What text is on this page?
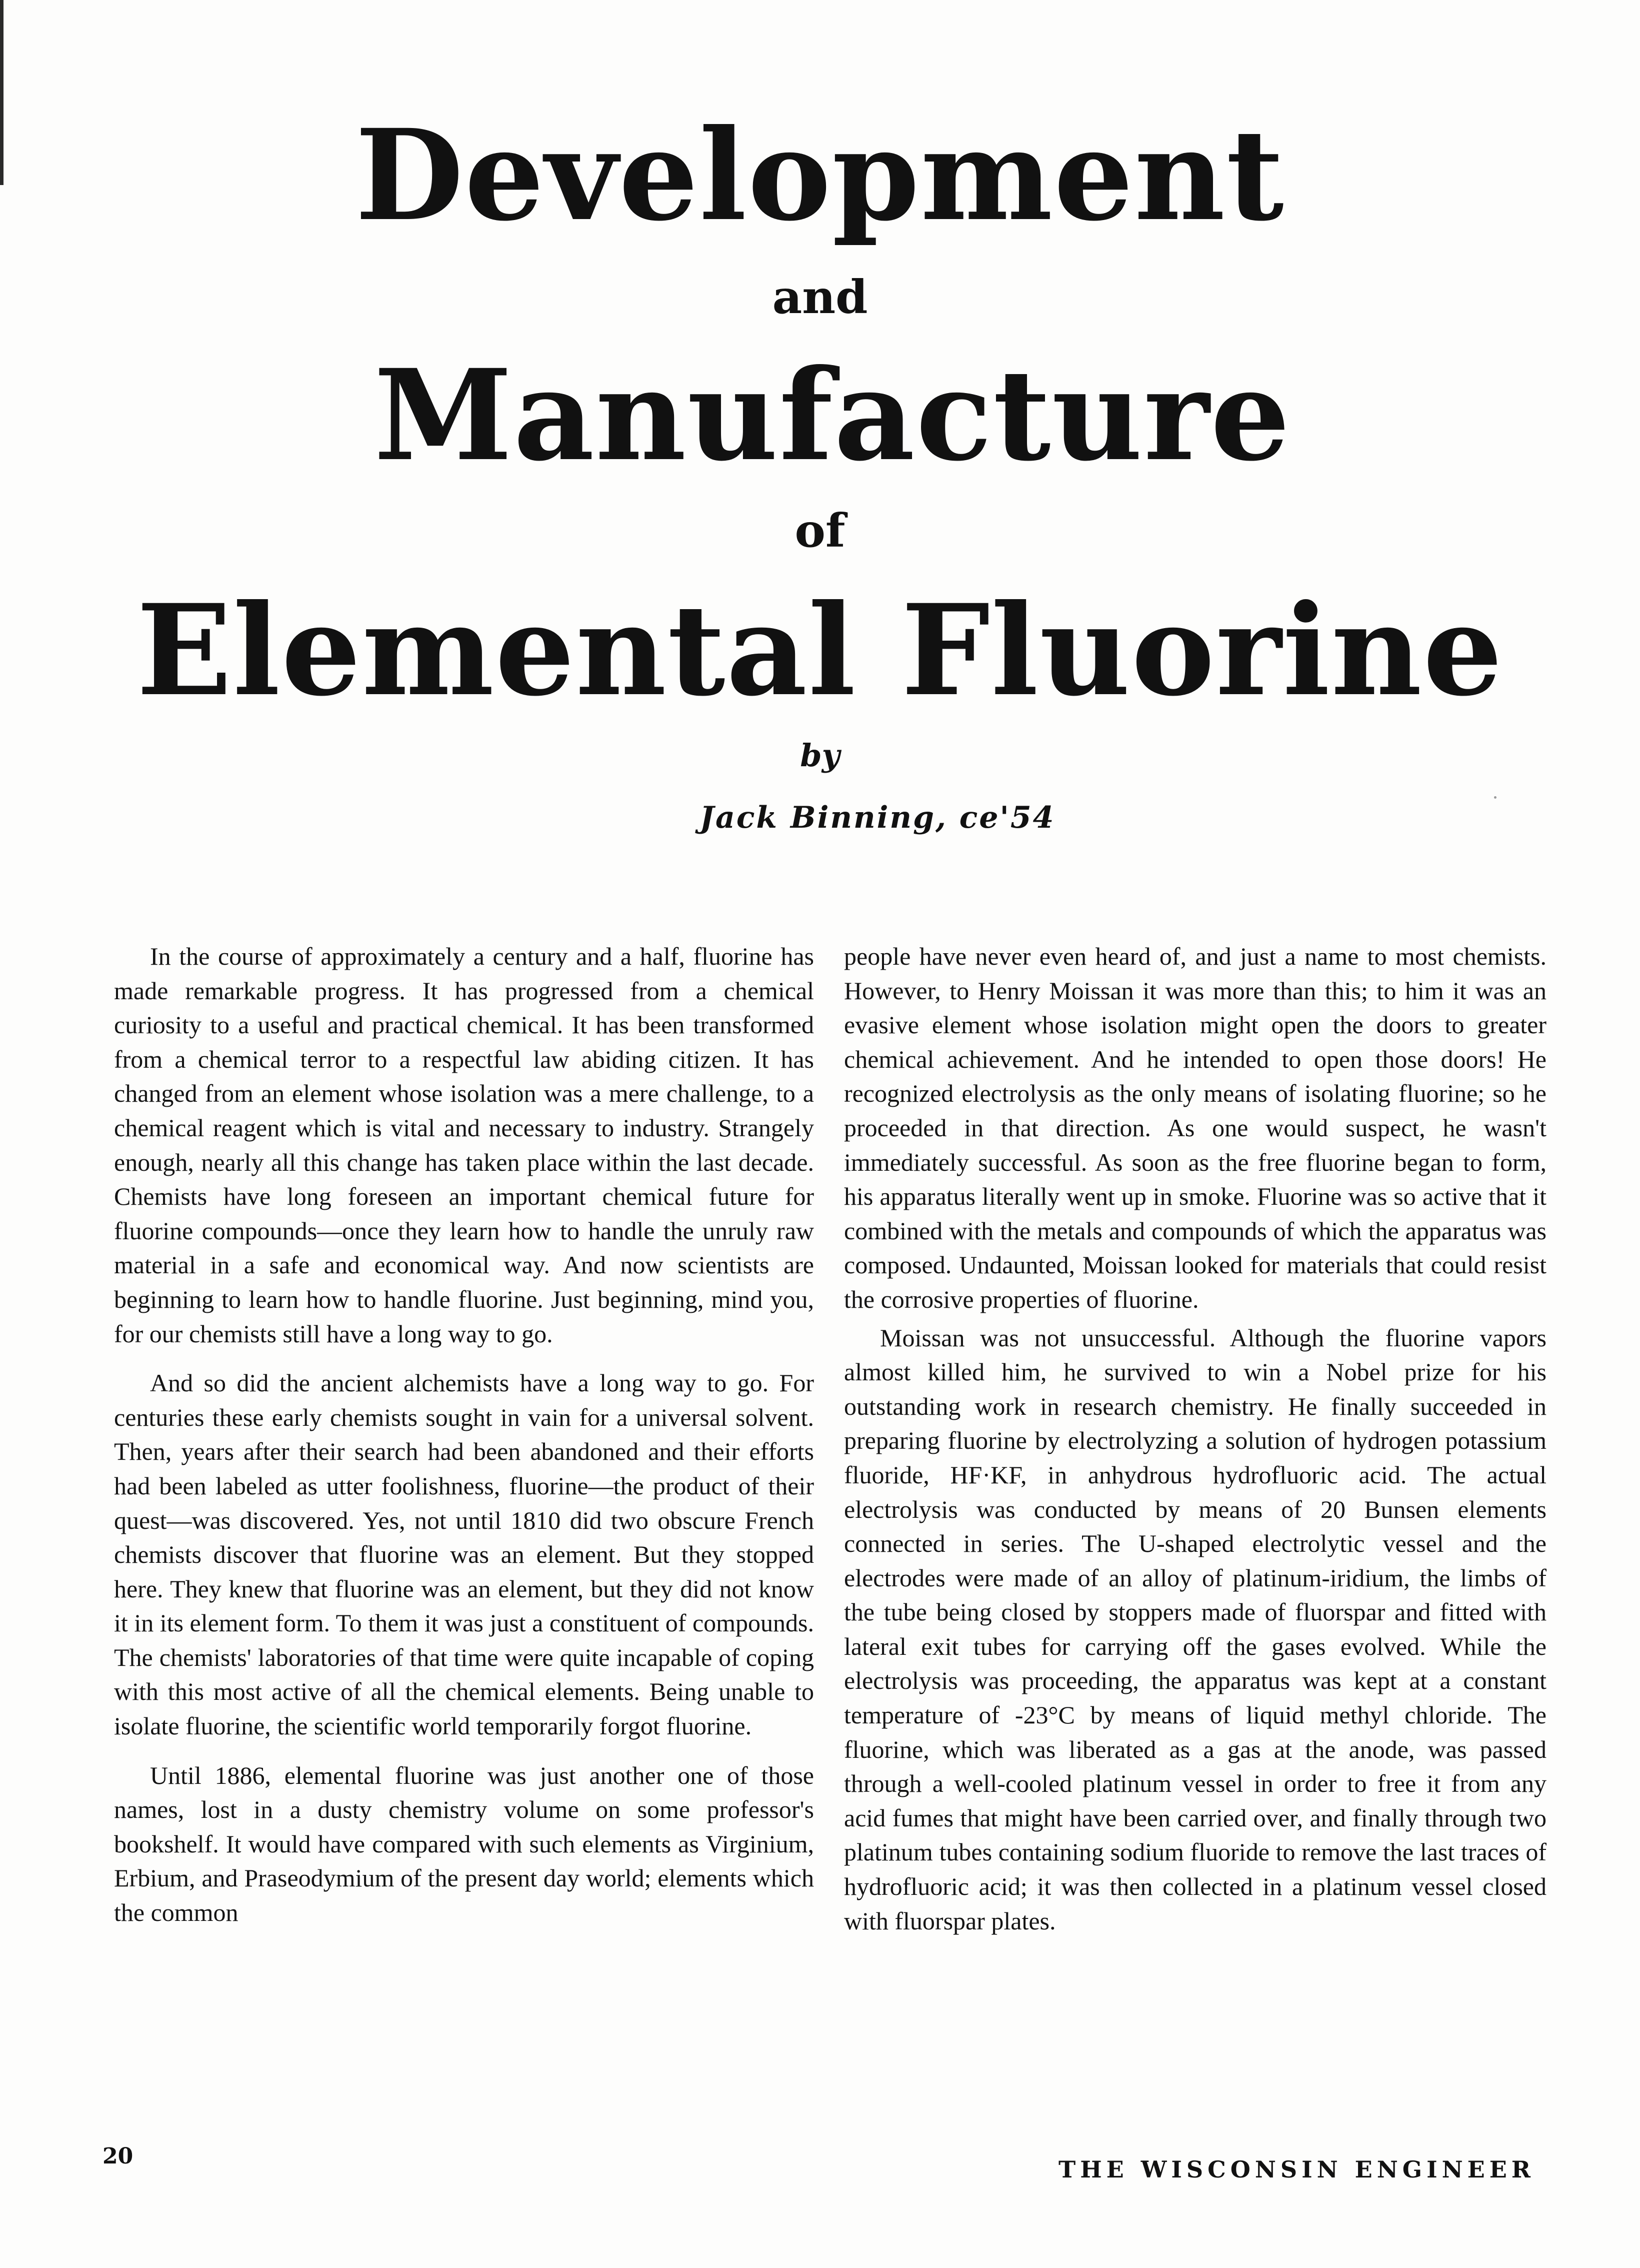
Development
and
Manufacture
of
Elemental Fluorine
by
Jack Binning, ce'54

In the course of approximately a century and a half, fluorine has made remarkable progress. It has progressed from a chemical curiosity to a useful and practical chemical. It has been transformed from a chemical terror to a respectful law abiding citizen. It has changed from an element whose isolation was a mere challenge, to a chemical reagent which is vital and necessary to industry. Strangely enough, nearly all this change has taken place within the last decade. Chemists have long foreseen an important chemical future for fluorine compounds—once they learn how to handle the unruly raw material in a safe and economical way. And now scientists are beginning to learn how to handle fluorine. Just beginning, mind you, for our chemists still have a long way to go.

And so did the ancient alchemists have a long way to go. For centuries these early chemists sought in vain for a universal solvent. Then, years after their search had been abandoned and their efforts had been labeled as utter foolishness, fluorine—the product of their quest—was discovered. Yes, not until 1810 did two obscure French chemists discover that fluorine was an element. But they stopped here. They knew that fluorine was an element, but they did not know it in its element form. To them it was just a constituent of compounds. The chemists' laboratories of that time were quite incapable of coping with this most active of all the chemical elements. Being unable to isolate fluorine, the scientific world temporarily forgot fluorine.

Until 1886, elemental fluorine was just another one of those names, lost in a dusty chemistry volume on some professor's bookshelf. It would have compared with such elements as Virginium, Erbium, and Praseodymium of the present day world; elements which the common

people have never even heard of, and just a name to most chemists. However, to Henry Moissan it was more than this; to him it was an evasive element whose isolation might open the doors to greater chemical achievement. And he intended to open those doors! He recognized electrolysis as the only means of isolating fluorine; so he proceeded in that direction. As one would suspect, he wasn't immediately successful. As soon as the free fluorine began to form, his apparatus literally went up in smoke. Fluorine was so active that it combined with the metals and compounds of which the apparatus was composed. Undaunted, Moissan looked for materials that could resist the corrosive properties of fluorine.

Moissan was not unsuccessful. Although the fluorine vapors almost killed him, he survived to win a Nobel prize for his outstanding work in research chemistry. He finally succeeded in preparing fluorine by electrolyzing a solution of hydrogen potassium fluoride, HF·KF, in anhydrous hydrofluoric acid. The actual electrolysis was conducted by means of 20 Bunsen elements connected in series. The U-shaped electrolytic vessel and the electrodes were made of an alloy of platinum-iridium, the limbs of the tube being closed by stoppers made of fluorspar and fitted with lateral exit tubes for carrying off the gases evolved. While the electrolysis was proceeding, the apparatus was kept at a constant temperature of -23°C by means of liquid methyl chloride. The fluorine, which was liberated as a gas at the anode, was passed through a well-cooled platinum vessel in order to free it from any acid fumes that might have been carried over, and finally through two platinum tubes containing sodium fluoride to remove the last traces of hydrofluoric acid; it was then collected in a platinum vessel closed with fluorspar plates.

20	THE WISCONSIN ENGINEER
